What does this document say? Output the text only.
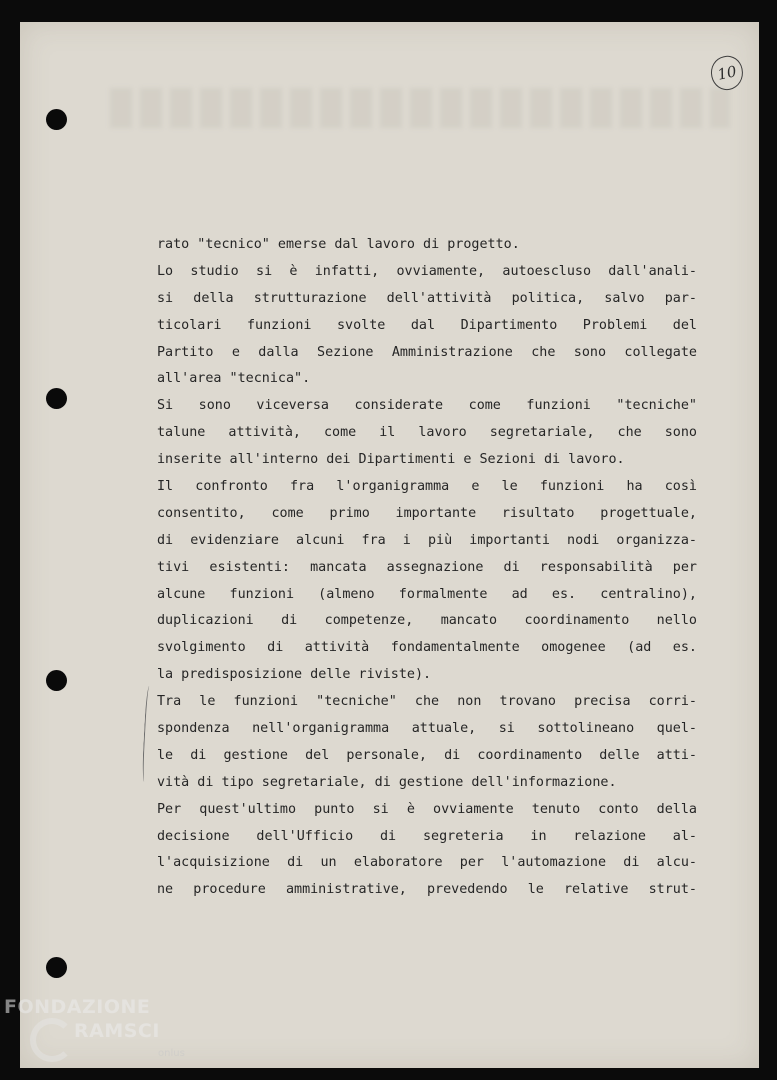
10
rato "tecnico" emerse dal lavoro di progetto.
Lo studio si è infatti, ovviamente, autoescluso dall'anali-
si della strutturazione dell'attività politica, salvo par-
ticolari funzioni svolte dal Dipartimento Problemi del
Partito e dalla Sezione Amministrazione che sono collegate
all'area "tecnica".
Si sono viceversa considerate come funzioni "tecniche"
talune attività, come il lavoro segretariale, che sono
inserite all'interno dei Dipartimenti e Sezioni di lavoro.
Il confronto fra l'organigramma e le funzioni ha così
consentito, come primo importante risultato progettuale,
di evidenziare alcuni fra i più importanti nodi organizza-
tivi esistenti: mancata assegnazione di responsabilità per
alcune funzioni (almeno formalmente ad es. centralino),
duplicazioni di competenze, mancato coordinamento nello
svolgimento di attività fondamentalmente omogenee (ad es.
la predisposizione delle riviste).
Tra le funzioni "tecniche" che non trovano precisa corri-
spondenza nell'organigramma attuale, si sottolineano quel-
le di gestione del personale, di coordinamento delle atti-
vità di tipo segretariale, di gestione dell'informazione.
Per quest'ultimo punto si è ovviamente tenuto conto della
decisione dell'Ufficio di segreteria in relazione al-
l'acquisizione di un elaboratore per l'automazione di alcu-
ne procedure amministrative, prevedendo le relative strut-
FONDAZIONE
RAMSCI
onlus
